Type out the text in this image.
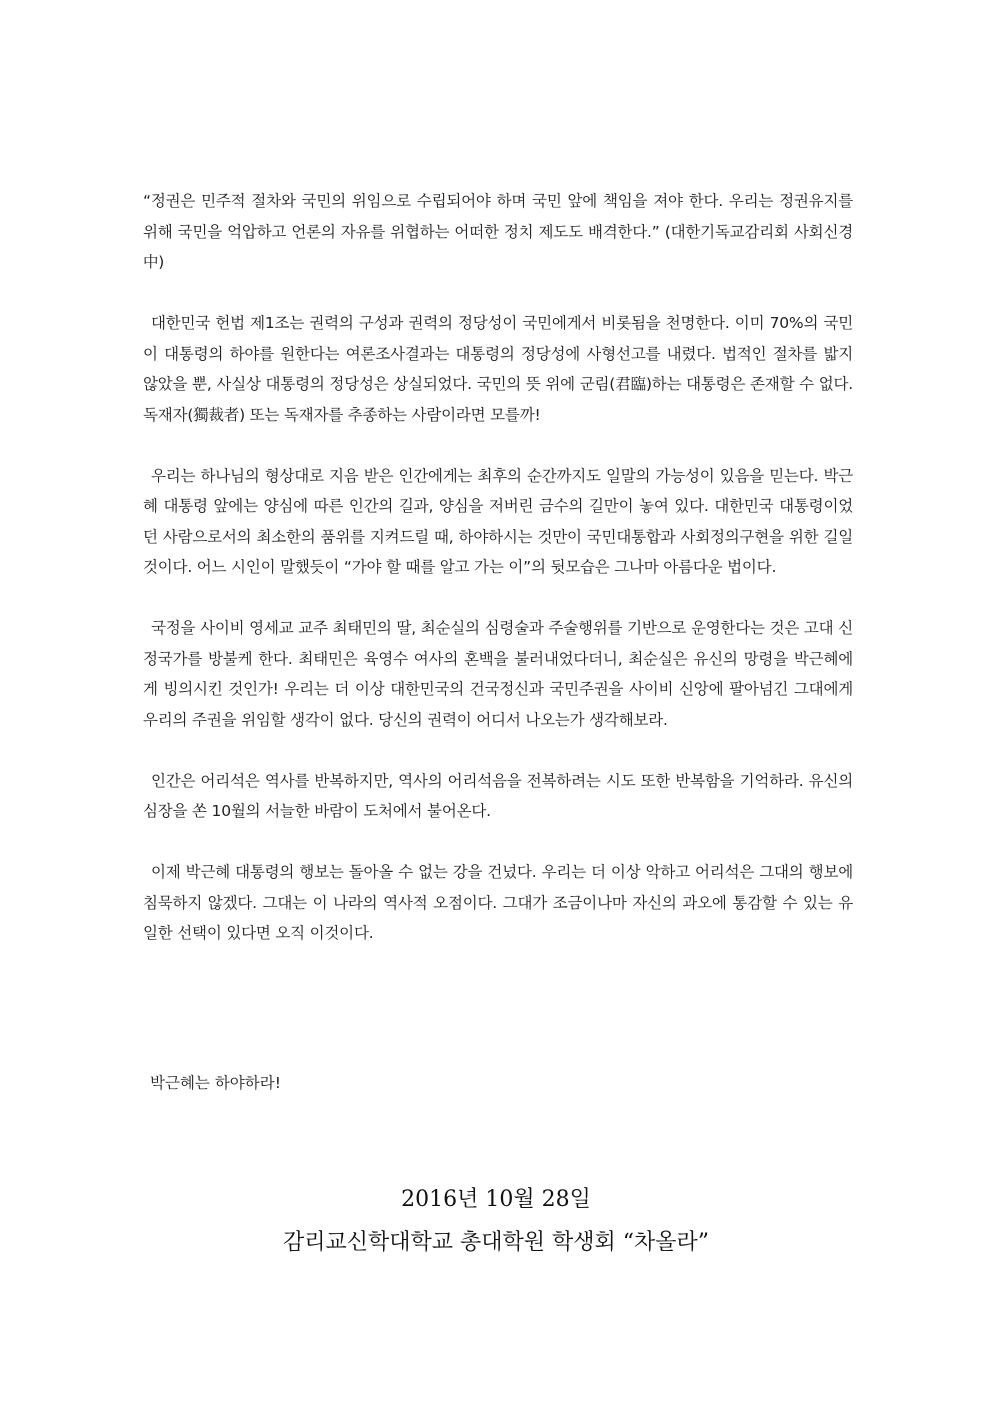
“정권은 민주적 절차와 국민의 위임으로 수립되어야 하며 국민 앞에 책임을 져야 한다. 우리는 정권유지를 위해 국민을 억압하고 언론의 자유를 위협하는 어떠한 정치 제도도 배격한다.” (대한기독교감리회 사회신경中)

대한민국 헌법 제1조는 권력의 구성과 권력의 정당성이 국민에게서 비롯됨을 천명한다. 이미 70%의 국민이 대통령의 하야를 원한다는 여론조사결과는 대통령의 정당성에 사형선고를 내렸다. 법적인 절차를 밟지 않았을 뿐, 사실상 대통령의 정당성은 상실되었다. 국민의 뜻 위에 군림(君臨)하는 대통령은 존재할 수 없다. 독재자(獨裁者) 또는 독재자를 추종하는 사람이라면 모를까!

우리는 하나님의 형상대로 지음 받은 인간에게는 최후의 순간까지도 일말의 가능성이 있음을 믿는다. 박근혜 대통령 앞에는 양심에 따른 인간의 길과, 양심을 저버린 금수의 길만이 놓여 있다. 대한민국 대통령이었던 사람으로서의 최소한의 품위를 지켜드릴 때, 하야하시는 것만이 국민대통합과 사회정의구현을 위한 길일 것이다. 어느 시인이 말했듯이 “가야 할 때를 알고 가는 이”의 뒷모습은 그나마 아름다운 법이다.

국정을 사이비 영세교 교주 최태민의 딸, 최순실의 심령술과 주술행위를 기반으로 운영한다는 것은 고대 신정국가를 방불케 한다. 최태민은 육영수 여사의 혼백을 불러내었다더니, 최순실은 유신의 망령을 박근혜에게 빙의시킨 것인가! 우리는 더 이상 대한민국의 건국정신과 국민주권을 사이비 신앙에 팔아넘긴 그대에게 우리의 주권을 위임할 생각이 없다. 당신의 권력이 어디서 나오는가 생각해보라.

인간은 어리석은 역사를 반복하지만, 역사의 어리석음을 전복하려는 시도 또한 반복함을 기억하라. 유신의 심장을 쏜 10월의 서늘한 바람이 도처에서 불어온다.

이제 박근혜 대통령의 행보는 돌아올 수 없는 강을 건넜다. 우리는 더 이상 악하고 어리석은 그대의 행보에 침묵하지 않겠다. 그대는 이 나라의 역사적 오점이다. 그대가 조금이나마 자신의 과오에 통감할 수 있는 유일한 선택이 있다면 오직 이것이다.

박근혜는 하야하라!

2016년 10월 28일

감리교신학대학교 총대학원 학생회 “차올라”
